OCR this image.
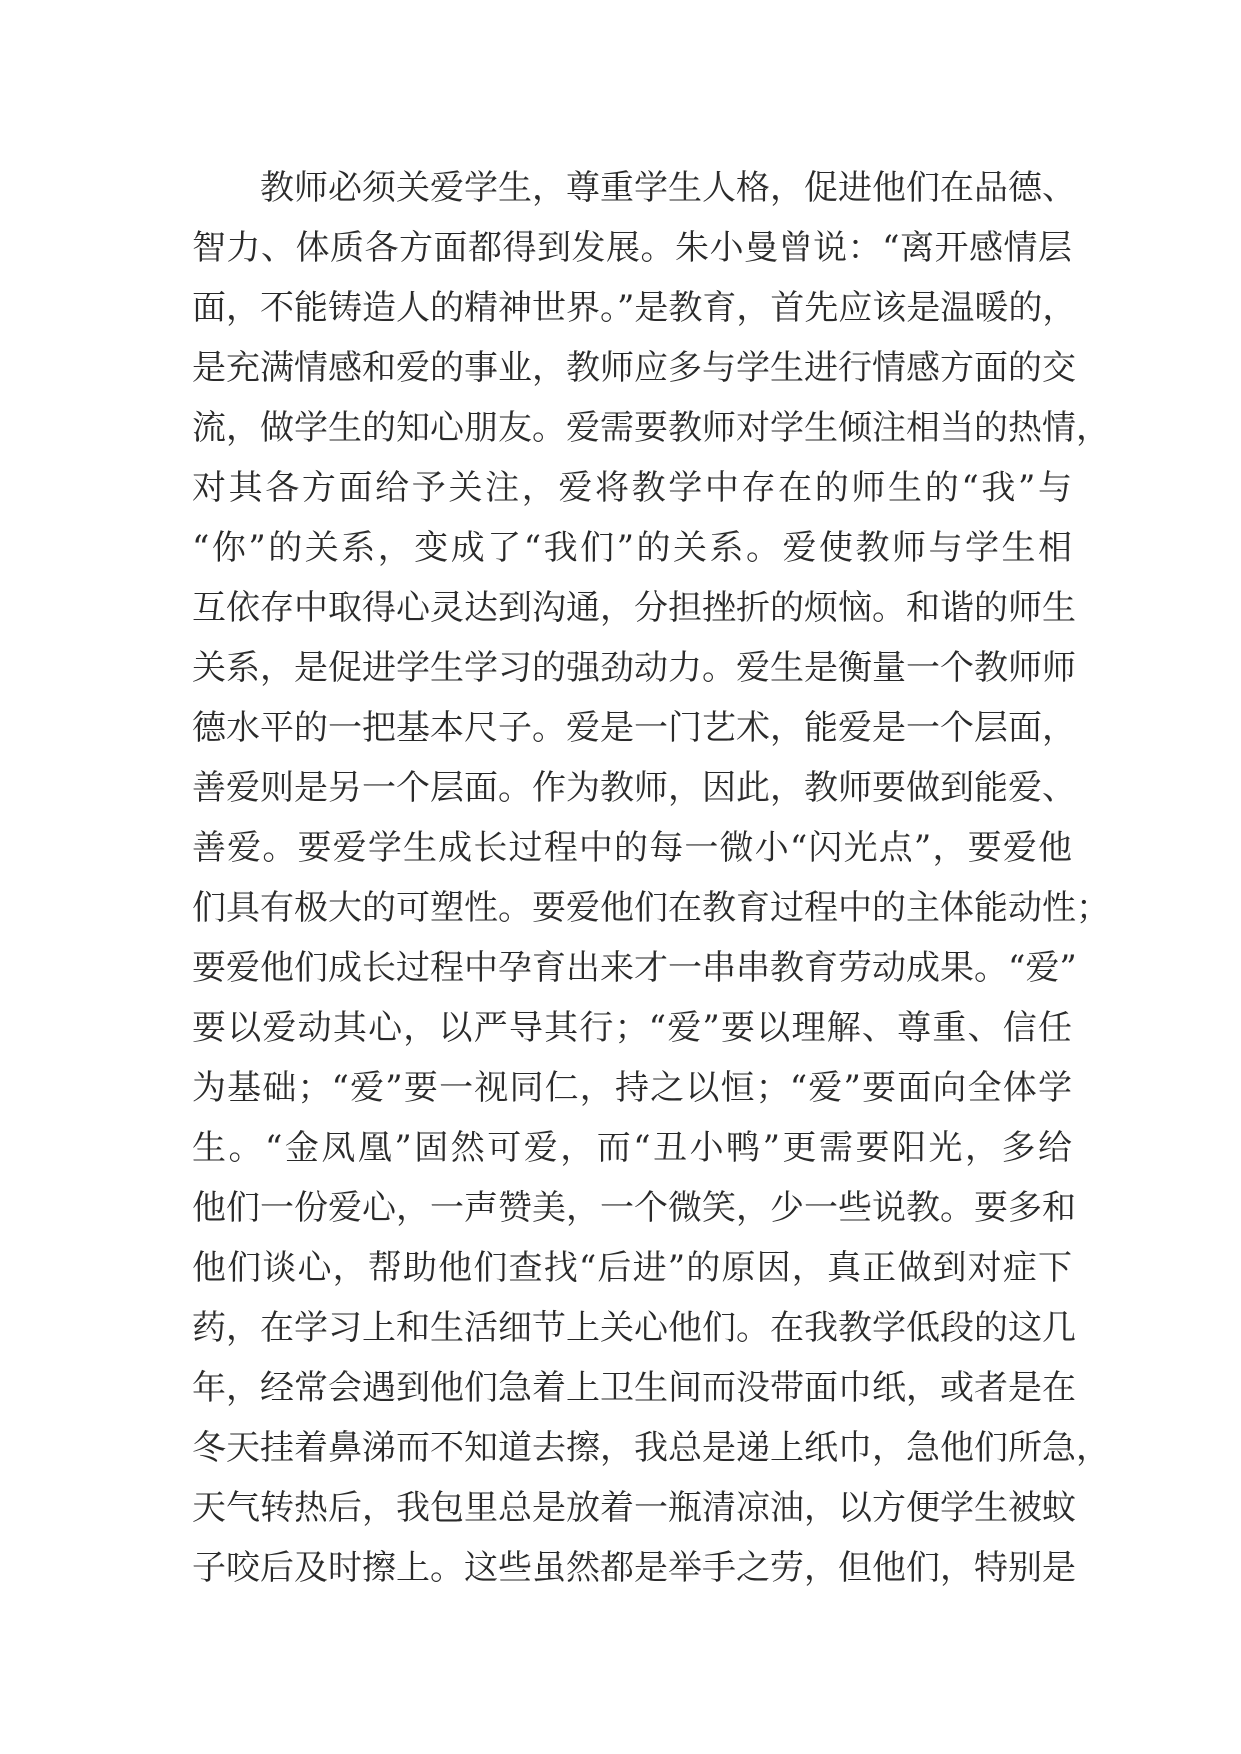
教师必须关爱学生，尊重学生人格，促进他们在品德、
智力、体质各方面都得到发展。朱小曼曾说：“离开感情层
面，不能铸造人的精神世界。”是教育，首先应该是温暖的，
是充满情感和爱的事业，教师应多与学生进行情感方面的交
流，做学生的知心朋友。爱需要教师对学生倾注相当的热情，
对其各方面给予关注，爱将教学中存在的师生的“我”与
“你”的关系，变成了“我们”的关系。爱使教师与学生相
互依存中取得心灵达到沟通，分担挫折的烦恼。和谐的师生
关系，是促进学生学习的强劲动力。爱生是衡量一个教师师
德水平的一把基本尺子。爱是一门艺术，能爱是一个层面，
善爱则是另一个层面。作为教师，因此，教师要做到能爱、
善爱。要爱学生成长过程中的每一微小“闪光点”，要爱他
们具有极大的可塑性。要爱他们在教育过程中的主体能动性；
要爱他们成长过程中孕育出来才一串串教育劳动成果。“爱”
要以爱动其心，以严导其行；“爱”要以理解、尊重、信任
为基础；“爱”要一视同仁，持之以恒；“爱”要面向全体学
生。“金凤凰”固然可爱，而“丑小鸭”更需要阳光，多给
他们一份爱心，一声赞美，一个微笑，少一些说教。要多和
他们谈心，帮助他们查找“后进”的原因，真正做到对症下
药，在学习上和生活细节上关心他们。在我教学低段的这几
年，经常会遇到他们急着上卫生间而没带面巾纸，或者是在
冬天挂着鼻涕而不知道去擦，我总是递上纸巾，急他们所急，
天气转热后，我包里总是放着一瓶清凉油，以方便学生被蚊
子咬后及时擦上。这些虽然都是举手之劳，但他们，特别是
